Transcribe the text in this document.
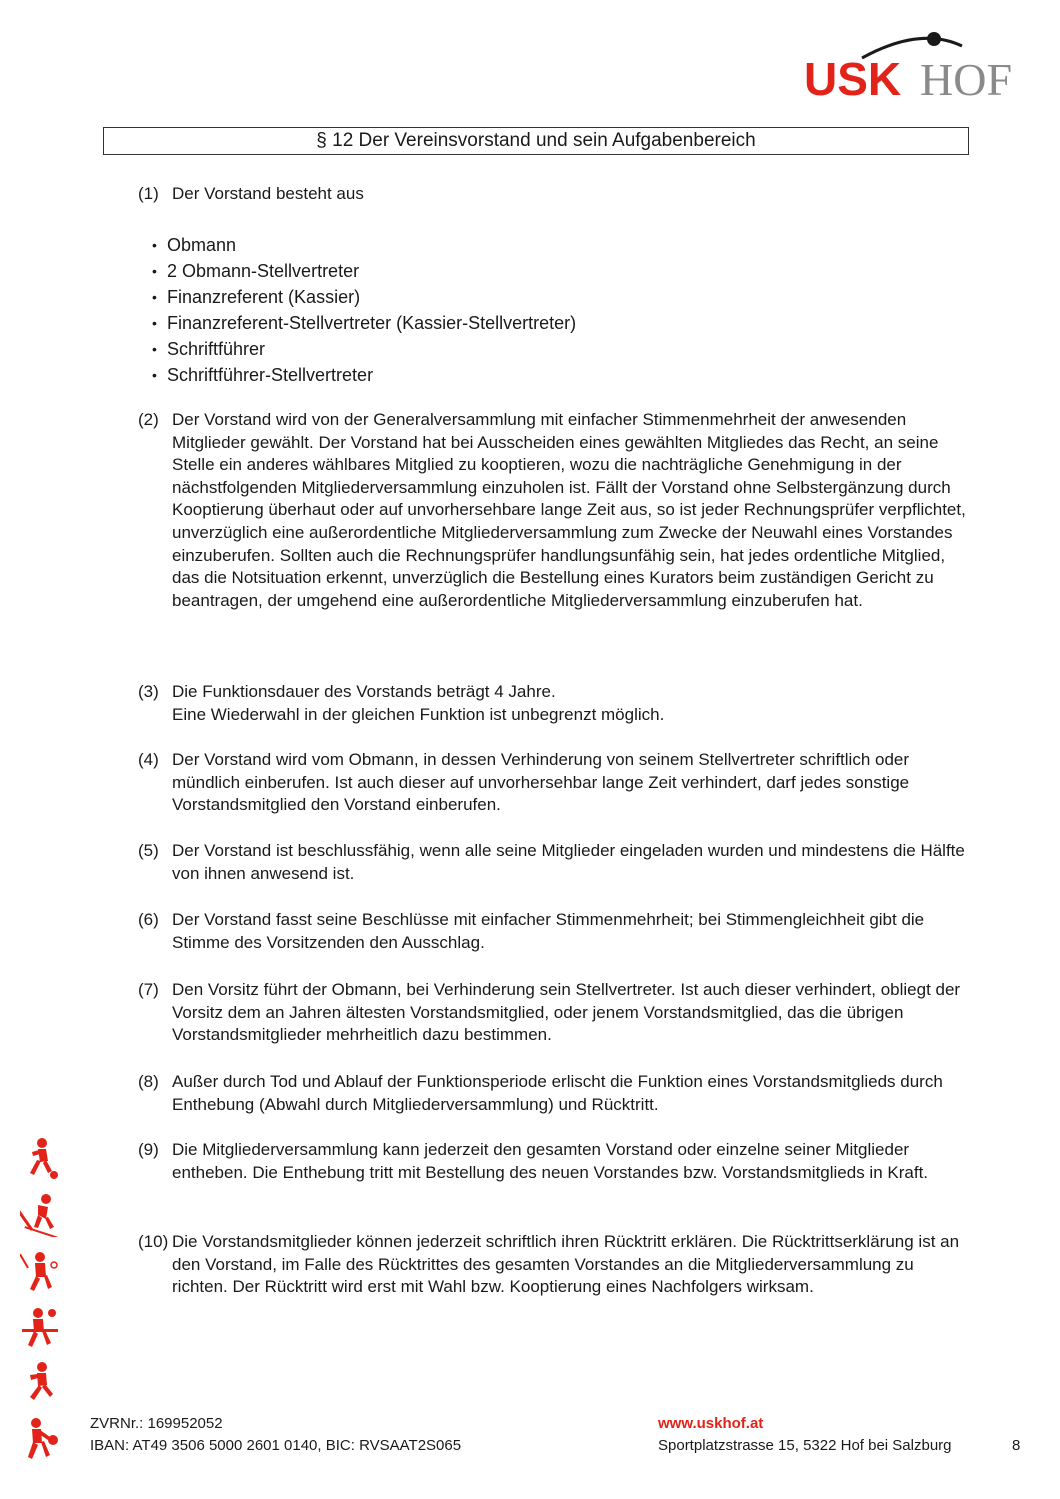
USK HOF
§ 12 Der Vereinsvorstand und sein Aufgabenbereich
(1) Der Vorstand besteht aus
• Obmann
• 2 Obmann-Stellvertreter
• Finanzreferent (Kassier)
• Finanzreferent-Stellvertreter (Kassier-Stellvertreter)
• Schriftführer
• Schriftführer-Stellvertreter
(2) Der Vorstand wird von der Generalversammlung mit einfacher Stimmenmehrheit der anwesenden Mitglieder gewählt. Der Vorstand hat bei Ausscheiden eines gewählten Mitgliedes das Recht, an seine Stelle ein anderes wählbares Mitglied zu kooptieren, wozu die nachträgliche Genehmigung in der nächstfolgenden Mitgliederversammlung einzuholen ist. Fällt der Vorstand ohne Selbstergänzung durch Kooptierung überhaut oder auf unvorhersehbare lange Zeit aus, so ist jeder Rechnungsprüfer verpflichtet, unverzüglich eine außerordentliche Mitgliederversammlung zum Zwecke der Neuwahl eines Vorstandes einzuberufen. Sollten auch die Rechnungsprüfer handlungsunfähig sein, hat jedes ordentliche Mitglied, das die Notsituation erkennt, unverzüglich die Bestellung eines Kurators beim zuständigen Gericht zu beantragen, der umgehend eine außerordentliche Mitgliederversammlung einzuberufen hat.
(3) Die Funktionsdauer des Vorstands beträgt 4 Jahre.
Eine Wiederwahl in der gleichen Funktion ist unbegrenzt möglich.
(4) Der Vorstand wird vom Obmann, in dessen Verhinderung von seinem Stellvertreter schriftlich oder mündlich einberufen. Ist auch dieser auf unvorhersehbar lange Zeit verhindert, darf jedes sonstige Vorstandsmitglied den Vorstand einberufen.
(5) Der Vorstand ist beschlussfähig, wenn alle seine Mitglieder eingeladen wurden und mindestens die Hälfte von ihnen anwesend ist.
(6) Der Vorstand fasst seine Beschlüsse mit einfacher Stimmenmehrheit; bei Stimmengleichheit gibt die Stimme des Vorsitzenden den Ausschlag.
(7) Den Vorsitz führt der Obmann, bei Verhinderung sein Stellvertreter. Ist auch dieser verhindert, obliegt der Vorsitz dem an Jahren ältesten Vorstandsmitglied, oder jenem Vorstandsmitglied, das die übrigen Vorstandsmitglieder mehrheitlich dazu bestimmen.
(8) Außer durch Tod und Ablauf der Funktionsperiode erlischt die Funktion eines Vorstandsmitglieds durch Enthebung (Abwahl durch Mitgliederversammlung) und Rücktritt.
(9) Die Mitgliederversammlung kann jederzeit den gesamten Vorstand oder einzelne seiner Mitglieder entheben. Die Enthebung tritt mit Bestellung des neuen Vorstandes bzw. Vorstandsmitglieds in Kraft.
(10) Die Vorstandsmitglieder können jederzeit schriftlich ihren Rücktritt erklären. Die Rücktrittserklärung ist an den Vorstand, im Falle des Rücktrittes des gesamten Vorstandes an die Mitgliederversammlung zu richten. Der Rücktritt wird erst mit Wahl bzw. Kooptierung eines Nachfolgers wirksam.
ZVRNr.: 169952052
IBAN: AT49 3506 5000 2601 0140, BIC: RVSAAT2S065
www.uskhof.at
Sportplatzstrasse 15, 5322 Hof bei Salzburg	8
